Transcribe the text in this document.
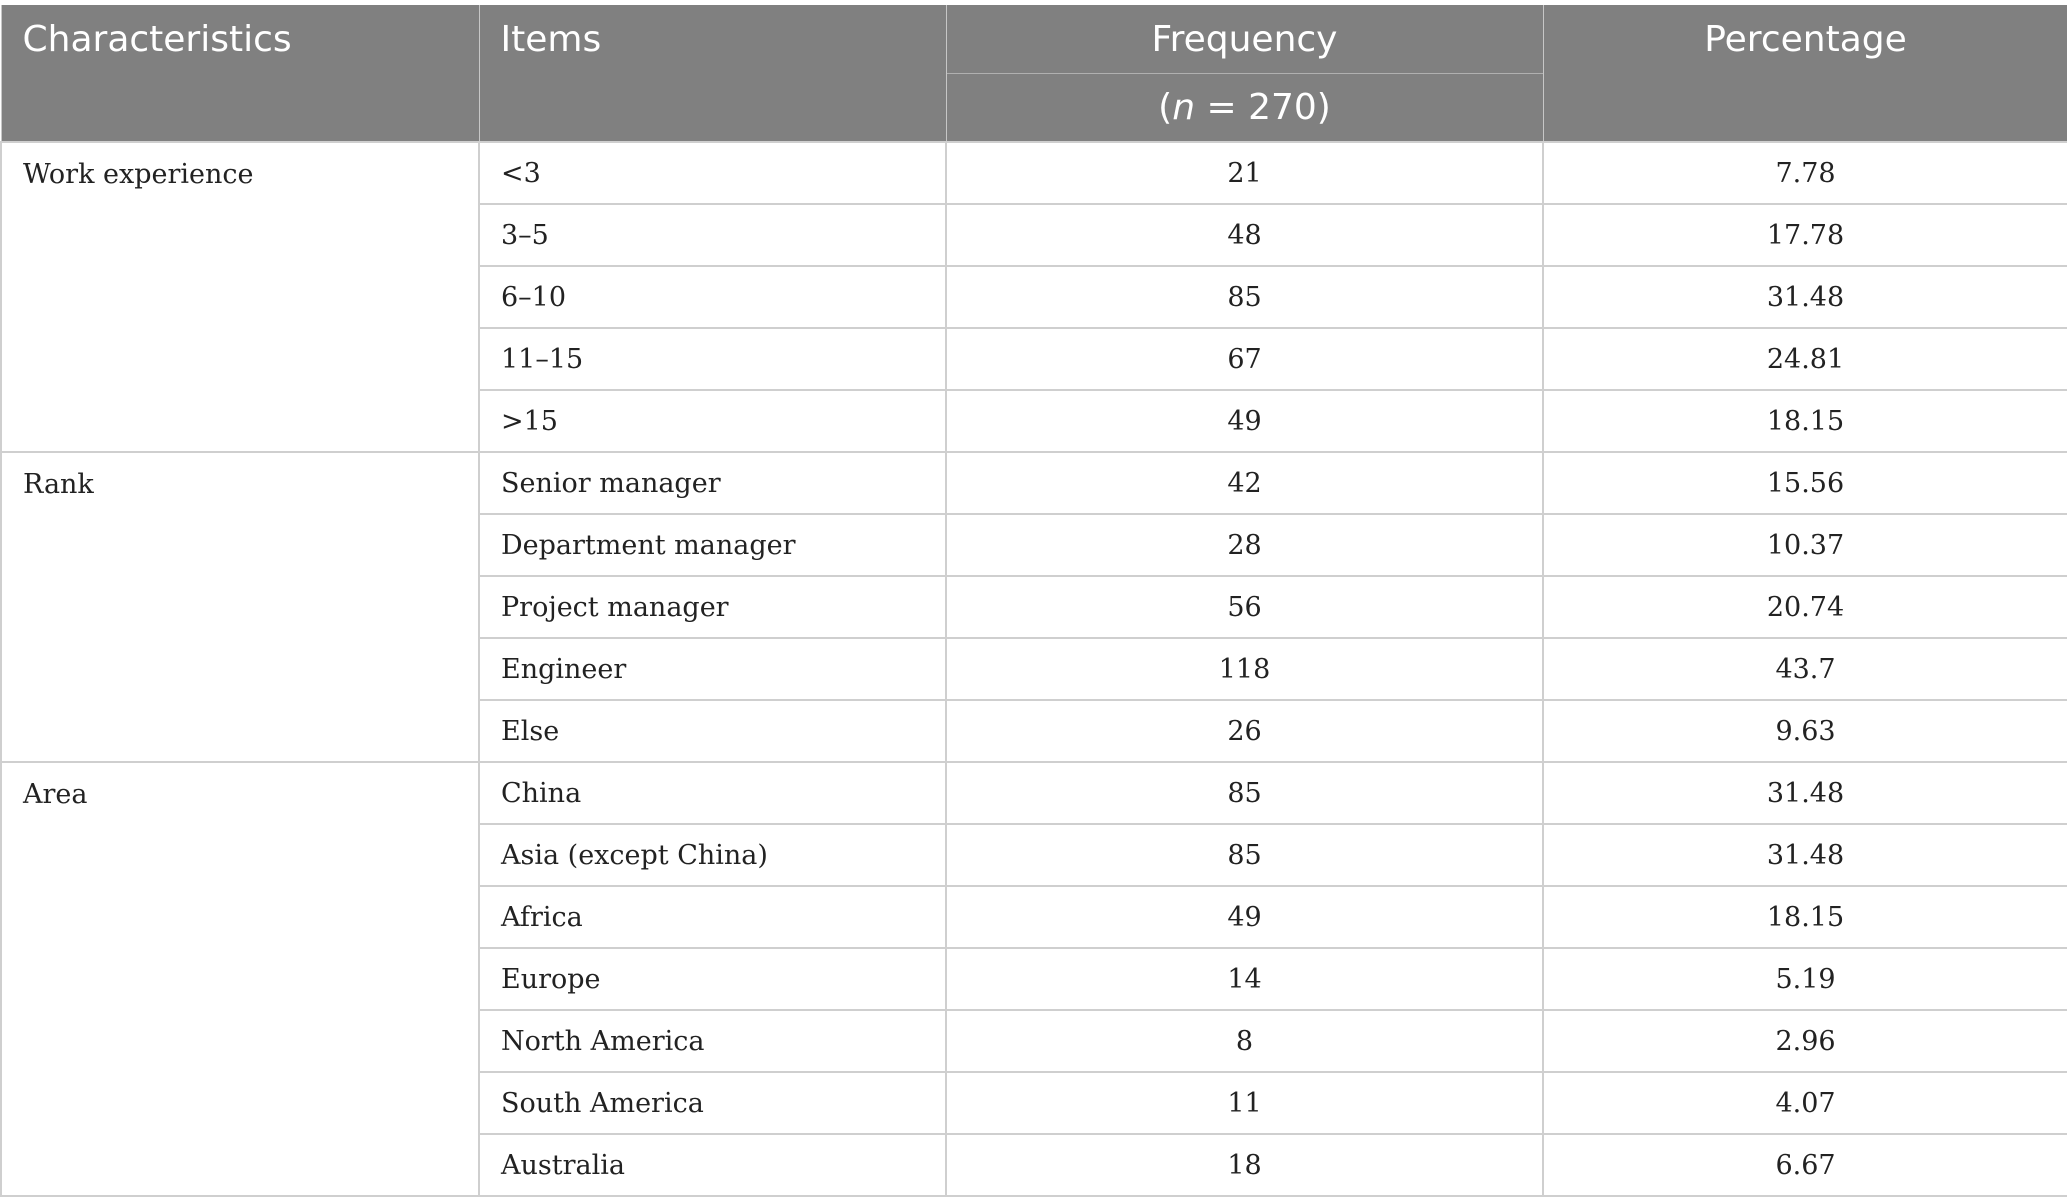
Characteristics	Items	Frequency	Percentage
		(n = 270)	
Work experience	<3	21	7.78
	3–5	48	17.78
	6–10	85	31.48
	11–15	67	24.81
	>15	49	18.15
Rank	Senior manager	42	15.56
	Department manager	28	10.37
	Project manager	56	20.74
	Engineer	118	43.7
	Else	26	9.63
Area	China	85	31.48
	Asia (except China)	85	31.48
	Africa	49	18.15
	Europe	14	5.19
	North America	8	2.96
	South America	11	4.07
	Australia	18	6.67
